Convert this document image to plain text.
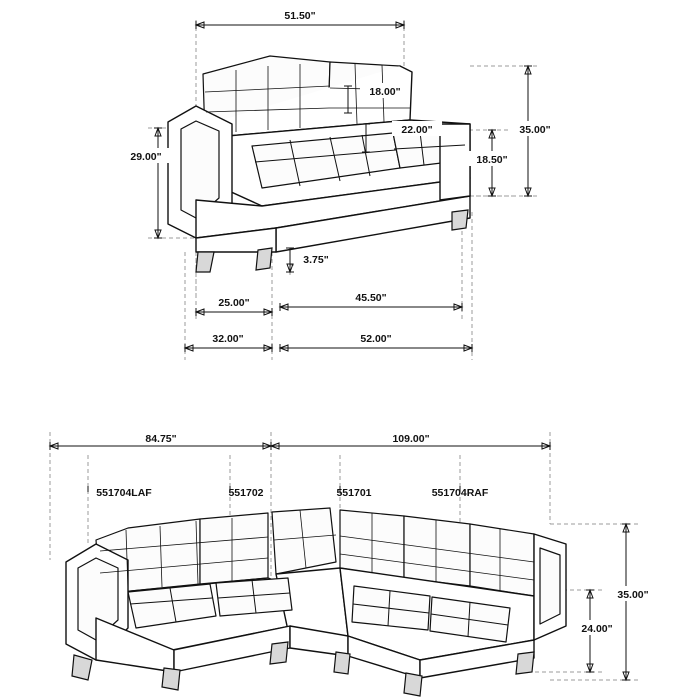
51.50"
18.00"
22.00"
29.00"
35.00"
18.50"
3.75"
25.00"	45.50"
32.00"	52.00"
84.75"	109.00"
551704LAF	551702	551701	551704RAF
35.00"
24.00"
